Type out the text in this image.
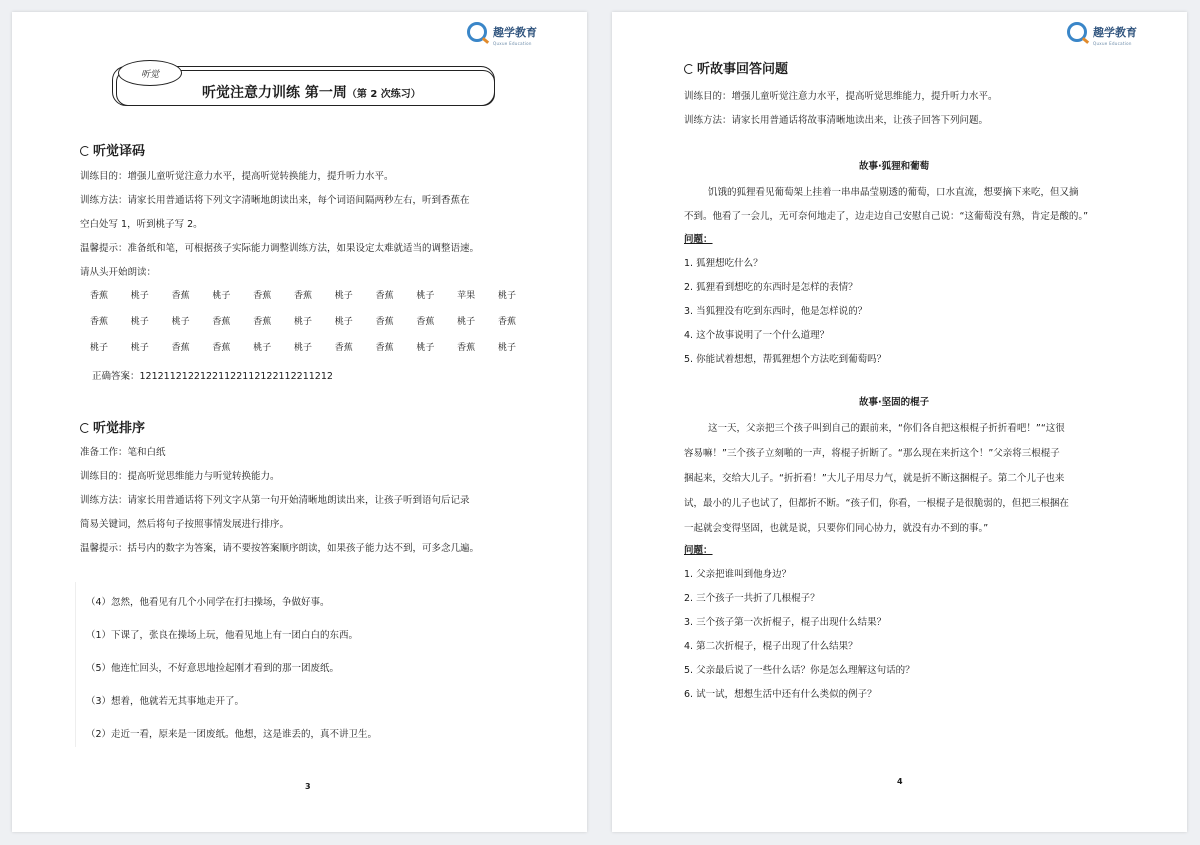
趣学教育
Quxue Education
听觉
听觉注意力训练 第一周（第 2 次练习）
听觉译码
训练目的：增强儿童听觉注意力水平，提高听觉转换能力，提升听力水平。
训练方法：请家长用普通话将下列文字清晰地朗读出来，每个词语间隔两秒左右，听到香蕉在
空白处写 1，听到桃子写 2。
温馨提示：准备纸和笔，可根据孩子实际能力调整训练方法，如果设定太难就适当的调整语速。
请从头开始朗读：
香蕉	桃子	香蕉	桃子	香蕉	香蕉	桃子	香蕉	桃子	苹果	桃子
香蕉	桃子	桃子	香蕉	香蕉	桃子	桃子	香蕉	香蕉	桃子	香蕉
桃子	桃子	香蕉	香蕉	桃子	桃子	香蕉	香蕉	桃子	香蕉	桃子
正确答案：12121121221221122112122112211212
听觉排序
准备工作：笔和白纸
训练目的：提高听觉思维能力与听觉转换能力。
训练方法：请家长用普通话将下列文字从第一句开始清晰地朗读出来，让孩子听到语句后记录
简易关键词，然后将句子按照事情发展进行排序。
温馨提示：括号内的数字为答案，请不要按答案顺序朗读，如果孩子能力达不到，可多念几遍。
（4）忽然，他看见有几个小同学在打扫操场，争做好事。
（1）下课了，张良在操场上玩，他看见地上有一团白白的东西。
（5）他连忙回头，不好意思地捡起刚才看到的那一团废纸。
（3）想着，他就若无其事地走开了。
（2）走近一看，原来是一团废纸。他想，这是谁丢的，真不讲卫生。
3
趣学教育
Quxue Education
听故事回答问题
训练目的：增强儿童听觉注意力水平，提高听觉思维能力，提升听力水平。
训练方法：请家长用普通话将故事清晰地读出来，让孩子回答下列问题。
故事·狐狸和葡萄
饥饿的狐狸看见葡萄架上挂着一串串晶莹剔透的葡萄，口水直流，想要摘下来吃，但又摘
不到。他看了一会儿，无可奈何地走了，边走边自己安慰自己说：“这葡萄没有熟，肯定是酸的。”
问题：
1. 狐狸想吃什么？
2. 狐狸看到想吃的东西时是怎样的表情？
3. 当狐狸没有吃到东西时，他是怎样说的？
4. 这个故事说明了一个什么道理？
5. 你能试着想想，帮狐狸想个方法吃到葡萄吗？
故事·坚固的棍子
这一天，父亲把三个孩子叫到自己的跟前来，“你们各自把这根棍子折折看吧！”“这很
容易嘛！”三个孩子立刻啪的一声，将棍子折断了。“那么现在来折这个！”父亲将三根棍子
捆起来，交给大儿子。“折折看！”大儿子用尽力气，就是折不断这捆棍子。第二个儿子也来
试，最小的儿子也试了，但都折不断。“孩子们，你看，一根棍子是很脆弱的，但把三根捆在
一起就会变得坚固，也就是说，只要你们同心协力，就没有办不到的事。”
问题：
1. 父亲把谁叫到他身边？
2. 三个孩子一共折了几根棍子？
3. 三个孩子第一次折棍子，棍子出现什么结果？
4. 第二次折棍子，棍子出现了什么结果？
5. 父亲最后说了一些什么话？你是怎么理解这句话的？
6. 试一试，想想生活中还有什么类似的例子？
4
